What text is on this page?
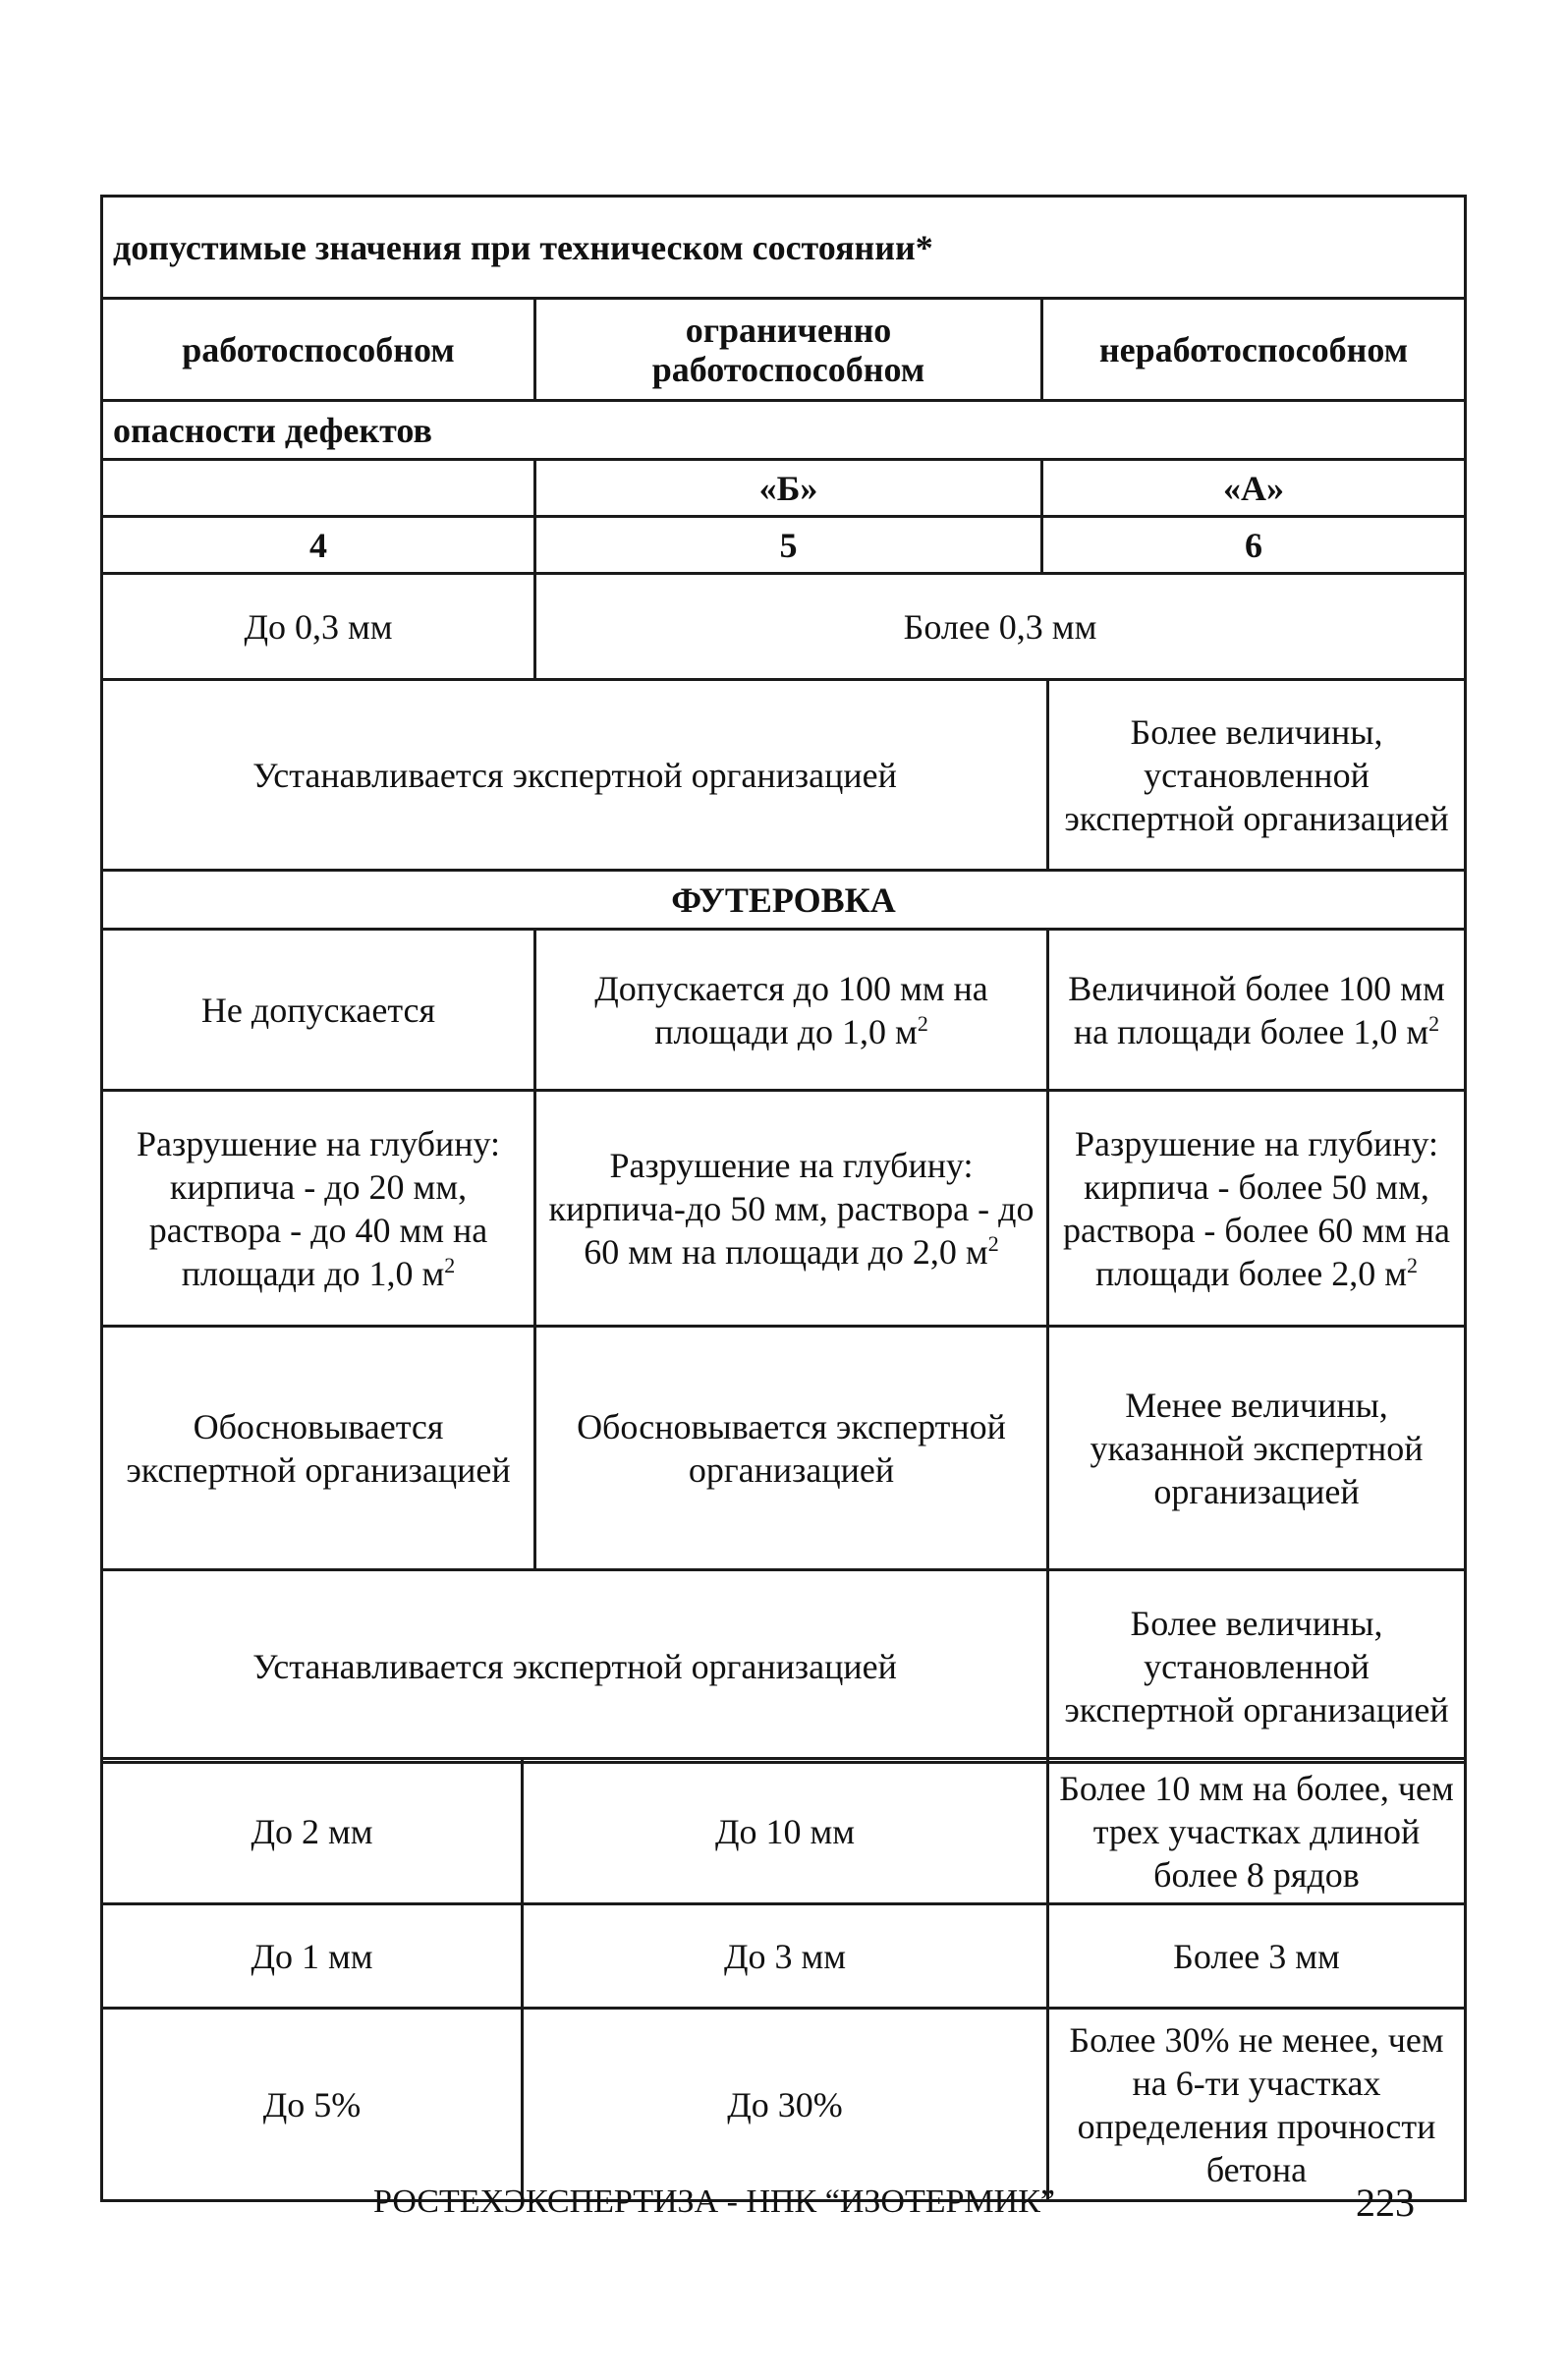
допустимые значения при техническом состоянии*		
работоспособном	ограниченно работоспособном	неработоспособном
опасности дефектов		
	«Б»	«А»
4	5	6
До 0,3 мм	Более 0,3 мм	
Устанавливается экспертной организацией		Более величины, установленной экспертной организацией
ФУТЕРОВКА		
Не допускается	Допускается до 100 мм на площади до 1,0 $м^2$	Величиной более 100 мм на площади более 1,0 $м^2$
Разрушение на глубину: кирпича - до 20 мм, раствора - до 40 мм на площади до 1,0 $м^2$	Разрушение на глубину: кирпича-до 50 мм, раствора - до 60 мм на площади до 2,0 $м^2$	Разрушение на глубину: кирпича - более 50 мм, раствора - более 60 мм на площади более 2,0 $м^2$
Обосновывается экспертной организацией	Обосновывается экспертной организацией	Менее величины, указанной экспертной организацией
Устанавливается экспертной организацией		Более величины, установленной экспертной организацией
До 2 мм	До 10 мм	Более 10 мм на более, чем трех участках длиной более 8 рядов
До 1 мм	До 3 мм	Более 3 мм
До 5%	До 30%	Более 30% не менее, чем на 6-ти участках определения прочности бетона
РОСТЕХЭКСПЕРТИЗА - НПК “ИЗОТЕРМИК”	223
